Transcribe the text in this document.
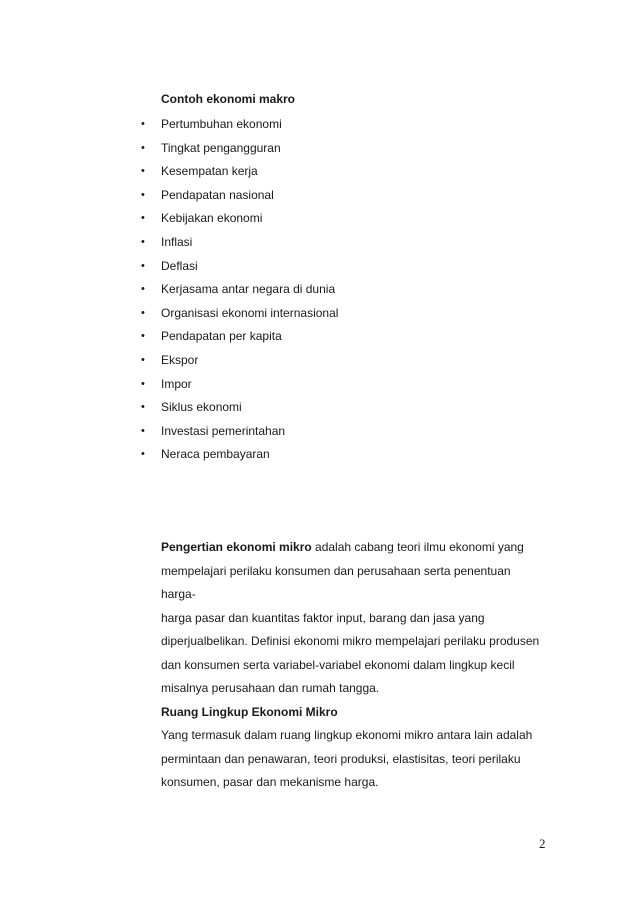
Contoh ekonomi makro
• Pertumbuhan ekonomi
• Tingkat pengangguran
• Kesempatan kerja
• Pendapatan nasional
• Kebijakan ekonomi
• Inflasi
• Deflasi
• Kerjasama antar negara di dunia
• Organisasi ekonomi internasional
• Pendapatan per kapita
• Ekspor
• Impor
• Siklus ekonomi
• Investasi pemerintahan
• Neraca pembayaran

Pengertian ekonomi mikro adalah cabang teori ilmu ekonomi yang
mempelajari perilaku konsumen dan perusahaan serta penentuan harga-
harga pasar dan kuantitas faktor input, barang dan jasa yang
diperjualbelikan. Definisi ekonomi mikro mempelajari perilaku produsen
dan konsumen serta variabel-variabel ekonomi dalam lingkup kecil
misalnya perusahaan dan rumah tangga.

Ruang Lingkup Ekonomi Mikro

Yang termasuk dalam ruang lingkup ekonomi mikro antara lain adalah
permintaan dan penawaran, teori produksi, elastisitas, teori perilaku
konsumen, pasar dan mekanisme harga.

2
